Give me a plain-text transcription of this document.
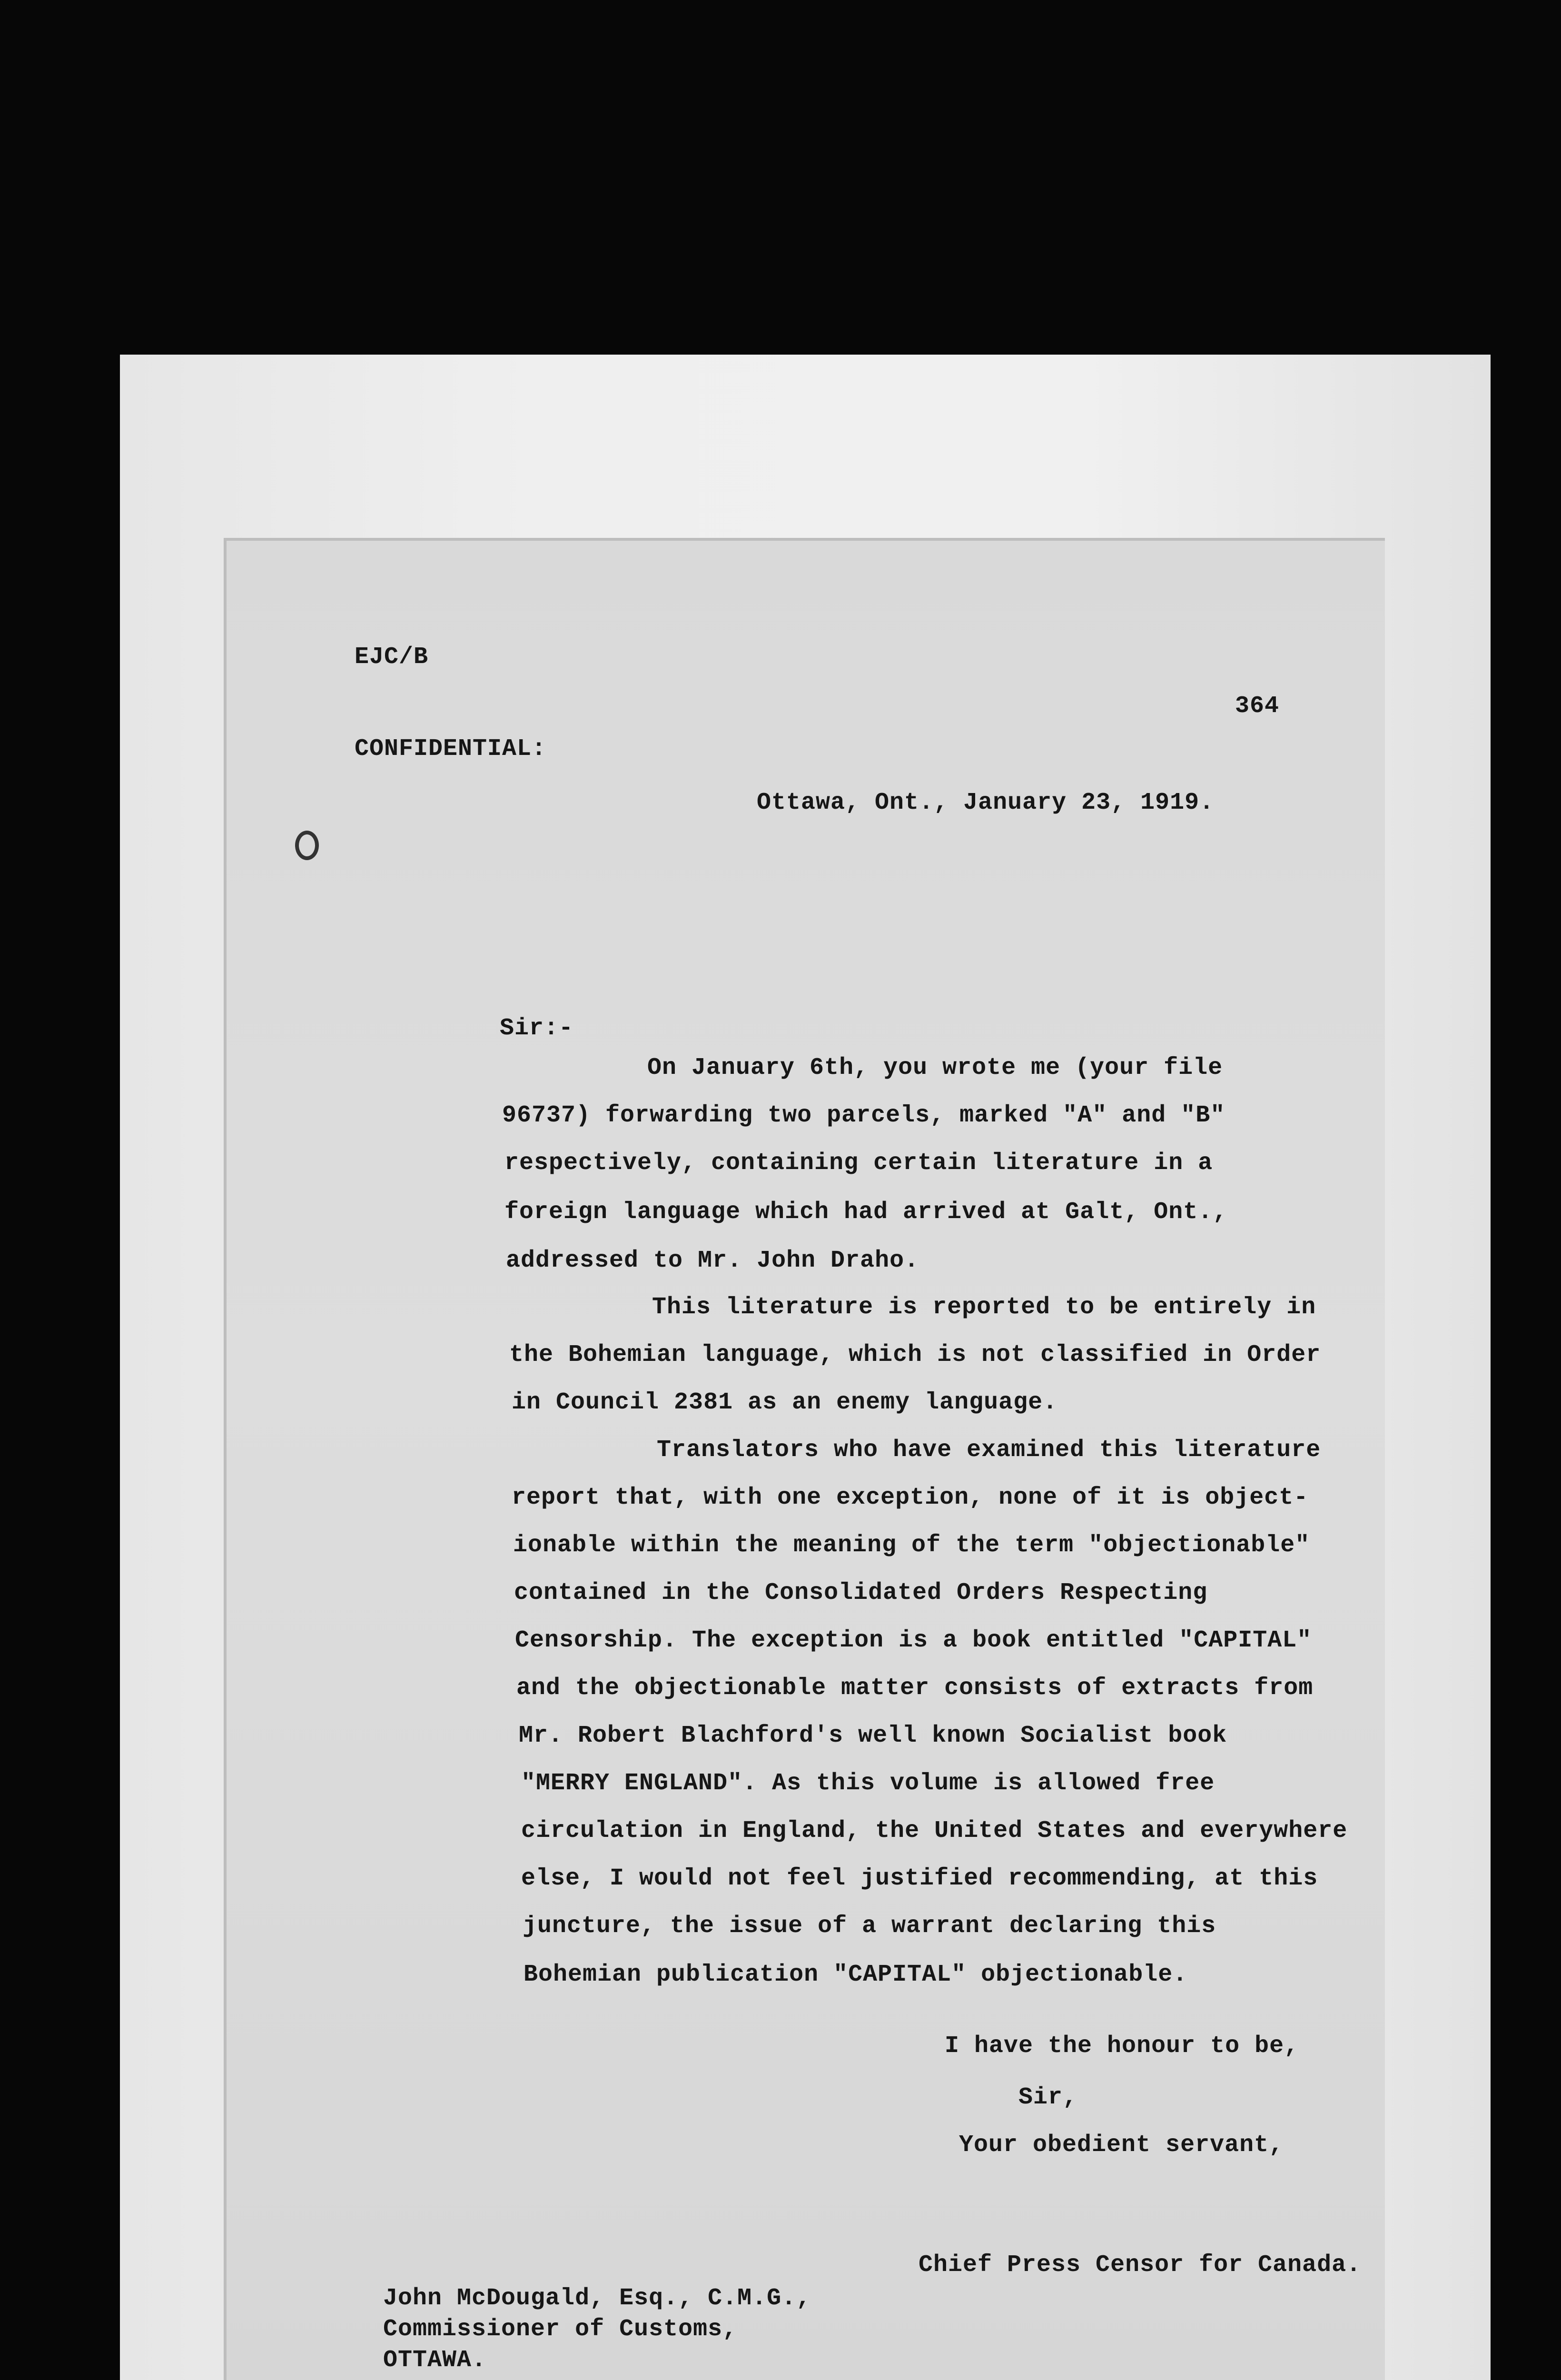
EJC/B
364
CONFIDENTIAL:
Ottawa, Ont., January 23, 1919.
Sir:-
On January 6th, you wrote me (your file
96737) forwarding two parcels, marked "A" and "B"
respectively, containing certain literature in a
foreign language which had arrived at Galt, Ont.,
addressed to Mr. John Draho.
This literature is reported to be entirely in
the Bohemian language, which is not classified in Order
in Council 2381 as an enemy language.
Translators who have examined this literature
report that, with one exception, none of it is object-
ionable within the meaning of the term "objectionable"
contained in the Consolidated Orders Respecting
Censorship. The exception is a book entitled "CAPITAL"
and the objectionable matter consists of extracts from
Mr. Robert Blachford's well known Socialist book
"MERRY ENGLAND". As this volume is allowed free
circulation in England, the United States and everywhere
else, I would not feel justified recommending, at this
juncture, the issue of a warrant declaring this
Bohemian publication "CAPITAL" objectionable.
I have the honour to be,
Sir,
Your obedient servant,
Chief Press Censor for Canada.
John McDougald, Esq., C.M.G.,
Commissioner of Customs,
OTTAWA.
